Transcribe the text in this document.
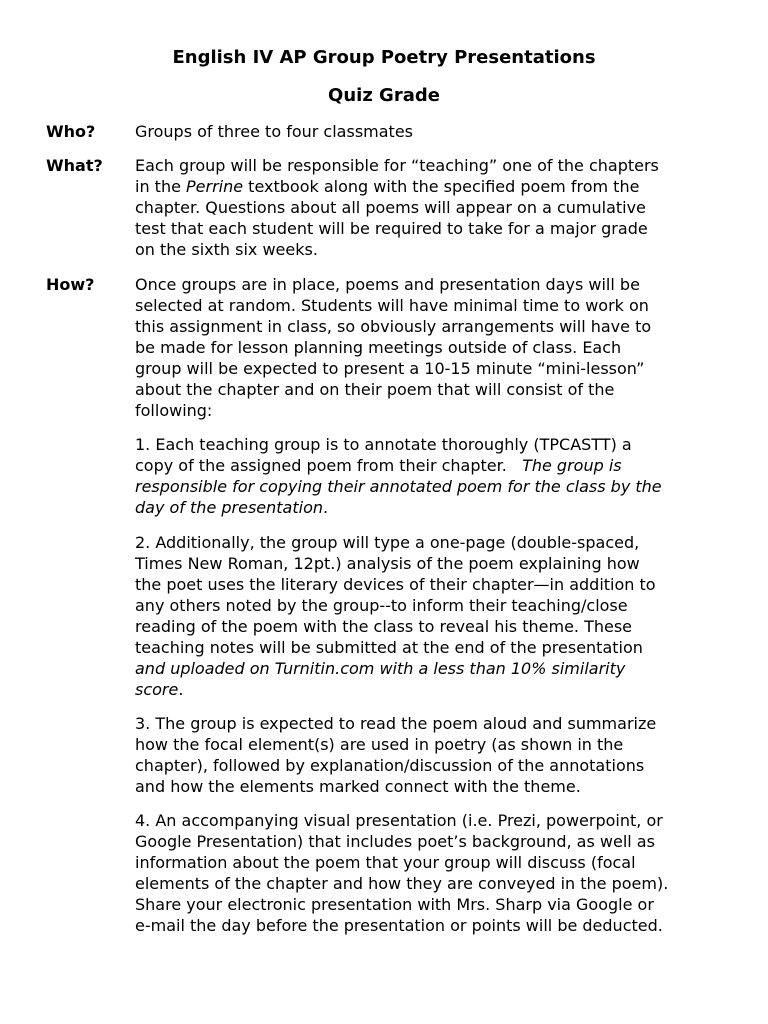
English IV AP Group Poetry Presentations
Quiz Grade
Who? Groups of three to four classmates
What? Each group will be responsible for “teaching” one of the chapters
in the Perrine textbook along with the specified poem from the
chapter. Questions about all poems will appear on a cumulative
test that each student will be required to take for a major grade
on the sixth six weeks.
How?	Once groups are in place, poems and presentation days will be
selected at random. Students will have minimal time to work on
this assignment in class, so obviously arrangements will have to
be made for lesson planning meetings outside of class. Each
group will be expected to present a 10-15 minute “mini-lesson”
about the chapter and on their poem that will consist of the
following:
1. Each teaching group is to annotate thoroughly (TPCASTT) a
copy of the assigned poem from their chapter.   The group is
responsible for copying their annotated poem for the class by the
day of the presentation.
2. Additionally, the group will type a one-page (double-spaced,
Times New Roman, 12pt.) analysis of the poem explaining how
the poet uses the literary devices of their chapter—in addition to
any others noted by the group--to inform their teaching/close
reading of the poem with the class to reveal his theme. These
teaching notes will be submitted at the end of the presentation
and uploaded on Turnitin.com with a less than 10% similarity
score.
3. The group is expected to read the poem aloud and summarize
how the focal element(s) are used in poetry (as shown in the
chapter), followed by explanation/discussion of the annotations
and how the elements marked connect with the theme.
4. An accompanying visual presentation (i.e. Prezi, powerpoint, or
Google Presentation) that includes poet’s background, as well as
information about the poem that your group will discuss (focal
elements of the chapter and how they are conveyed in the poem).
Share your electronic presentation with Mrs. Sharp via Google or
e-mail the day before the presentation or points will be deducted.
